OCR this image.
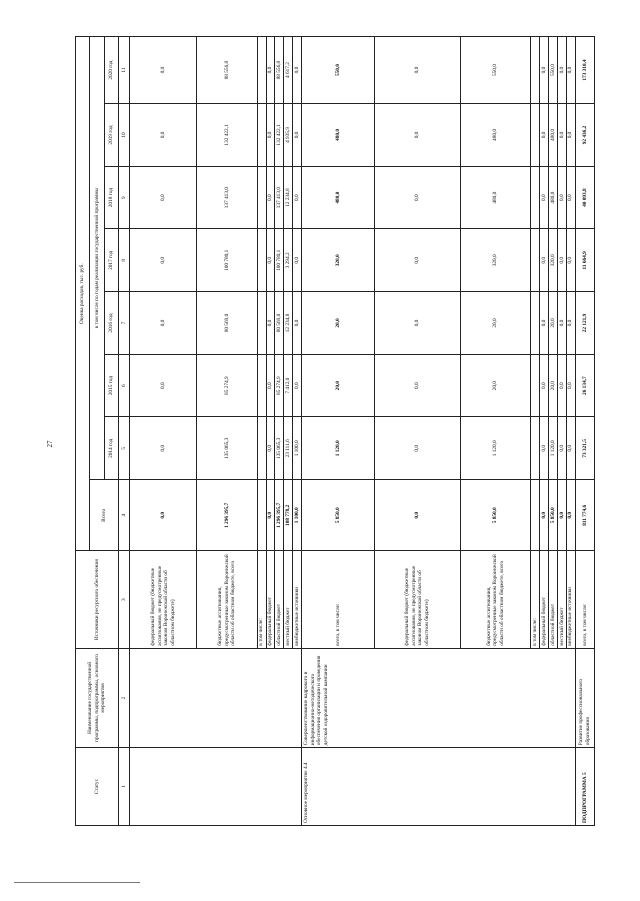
27
Статус	Наименование государственной программы, подпрограммы, основного мероприятия	Источники ресурсного обеспечения	Оценка расходов, тыс. руб.							
			Всего	в том числе по годам реализации государственной программы						
				2014 год	2015 год	2016 год	2017 год	2018 год	2019 год	2020 год
1	2	3	4	5	6	7	8	9	10	11
		федеральный бюджет (бюджетные ассигнования, не предусмотренные законом Воронежской области об областном бюджете)	0,0	0,0	0,0	0,0	0,0	0,0	0,0	0,0
		бюджетные ассигнования, предусмотренные законом Воронежской области об областном бюджете, всего	1 296 395,7	135 065,3	85 274,9	80 569,0	100 780,1	137 413,0	132 422,1	88 556,8
		в том числе:								
		федеральный бюджет	0,0	0,0	0,0	0,0	0,0	0,0	0,0	0,0
		областной бюджет	1 296 395,7	135 065,3	85 274,9	80 569,0	100 780,1	137 413,0	132 422,1	88 556,8
		местный бюджет	108 778,2	23 111,6	7 412,0	12 234,8	3 294,2	12 234,8	4 935,9	4 617,2
		внебюджетные источники	1 100,0	1 100,0	0,0	0,0	0,0	0,0	0,0	0,0
Основное мероприятие 4.4	Совершенствование кадрового и информационно-методического обеспечения организации и проведения детской оздоровительной кампании	всего, в том числе:	5 850,0	1 120,0	20,0	20,0	320,0	480,0	480,0	550,0
		федеральный бюджет (бюджетные ассигнования, не предусмотренные законом Воронежской области об областном бюджете)	0,0	0,0	0,0	0,0	0,0	0,0	0,0	0,0
		бюджетные ассигнования, предусмотренные законом Воронежской области об областном бюджете, всего	5 850,0	1 120,0	20,0	20,0	320,0	480,0	480,0	550,0
		в том числе:								
		федеральный бюджет	0,0	0,0	0,0	0,0	0,0	0,0	0,0	0,0
		областной бюджет	5 850,0	1 120,0	20,0	20,0	320,0	480,0	480,0	550,0
		местный бюджет	0,0	0,0	0,0	0,0	0,0	0,0	0,0	0,0
		внебюджетные источники	0,0	0,0	0,0	0,0	0,0	0,0	0,0	0,0
ПОДПРОГРАММА 5	Развитие профессионального образования	всего, в том числе:	811 774,6	73 321,5	26 134,7	22 121,9	11 664,9	40 093,8	92 436,2	173 310,4
